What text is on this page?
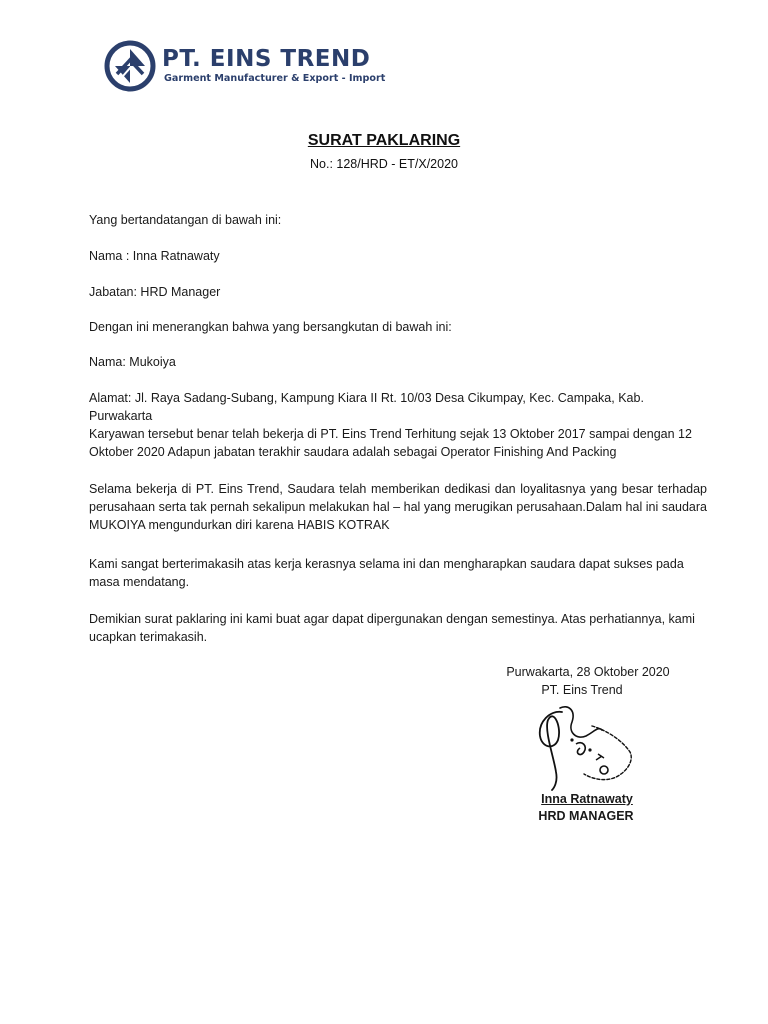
PT. EINS TREND
Garment Manufacturer & Export - Import
SURAT PAKLARING
No.: 128/HRD - ET/X/2020
Yang bertandatangan di bawah ini:
Nama : Inna Ratnawaty
Jabatan: HRD Manager
Dengan ini menerangkan bahwa yang bersangkutan di bawah ini:
Nama: Mukoiya
Alamat: Jl. Raya Sadang-Subang, Kampung Kiara II Rt. 10/03 Desa Cikumpay, Kec. Campaka, Kab. Purwakarta
Karyawan tersebut benar telah bekerja di PT. Eins Trend Terhitung sejak 13 Oktober 2017 sampai dengan 12 Oktober 2020 Adapun jabatan terakhir saudara adalah sebagai Operator Finishing And Packing
Selama bekerja di PT. Eins Trend, Saudara telah memberikan dedikasi dan loyalitasnya yang besar terhadap perusahaan serta tak pernah sekalipun melakukan hal – hal yang merugikan perusahaan.Dalam hal ini saudara MUKOIYA mengundurkan diri karena HABIS KOTRAK
Kami sangat berterimakasih atas kerja kerasnya selama ini dan mengharapkan saudara dapat sukses pada masa mendatang.
Demikian surat paklaring ini kami buat agar dapat dipergunakan dengan semestinya. Atas perhatiannya, kami ucapkan terimakasih.
Purwakarta, 28 Oktober 2020
PT. Eins Trend
Inna Ratnawaty
HRD MANAGER
